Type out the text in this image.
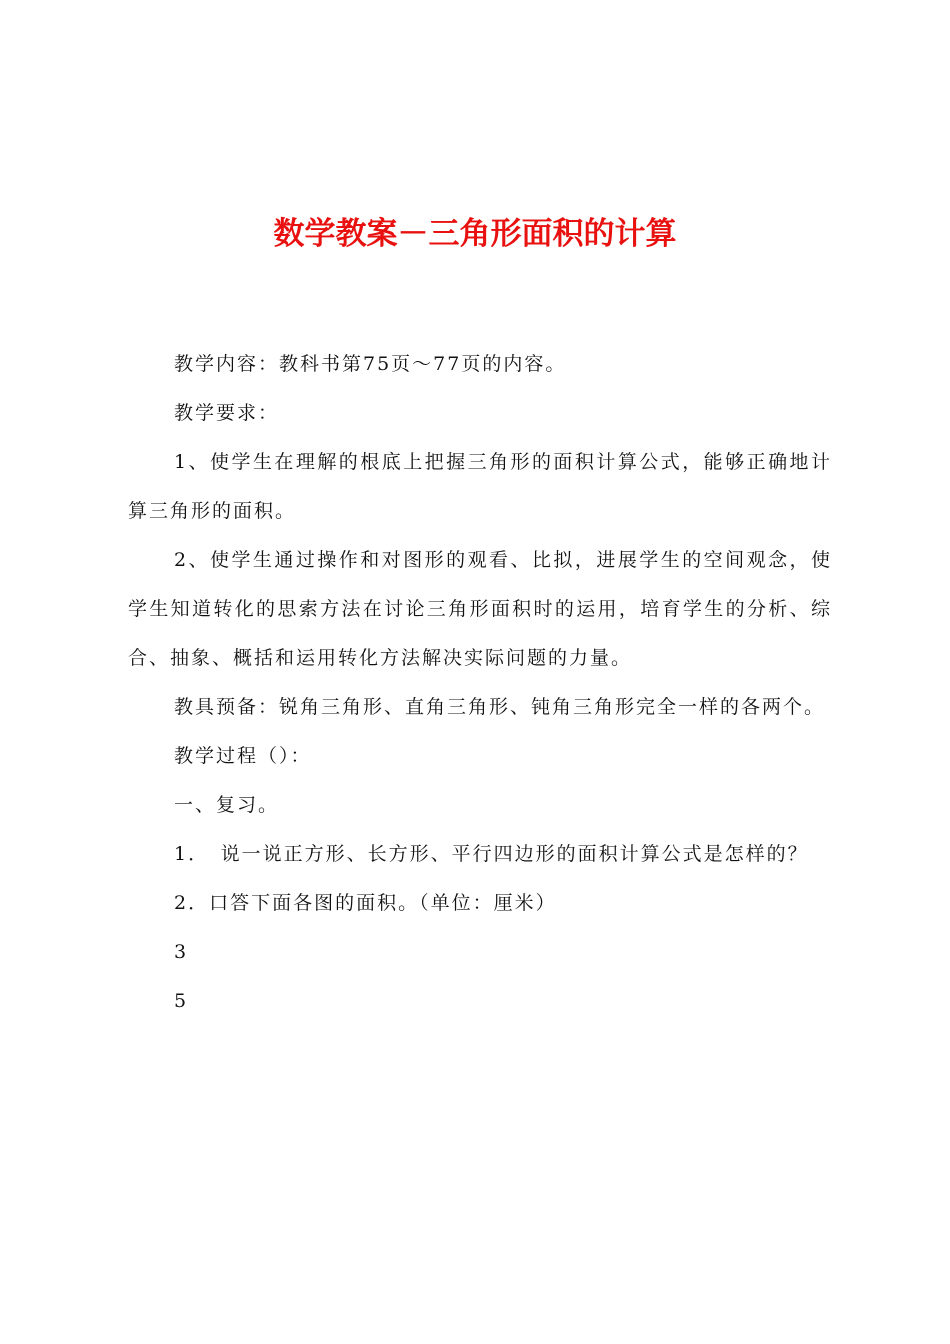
数学教案－三角形面积的计算

教学内容：教科书第75页～77页的内容。

教学要求：

1、使学生在理解的根底上把握三角形的面积计算公式，能够正确地计算三角形的面积。

2、使学生通过操作和对图形的观看、比拟，进展学生的空间观念，使学生知道转化的思索方法在讨论三角形面积时的运用，培育学生的分析、综合、抽象、概括和运用转化方法解决实际问题的力量。

教具预备：锐角三角形、直角三角形、钝角三角形完全一样的各两个。

教学过程（）：

一、复习。

1．　说一说正方形、长方形、平行四边形的面积计算公式是怎样的？

2．口答下面各图的面积。（单位：厘米）

3

5
